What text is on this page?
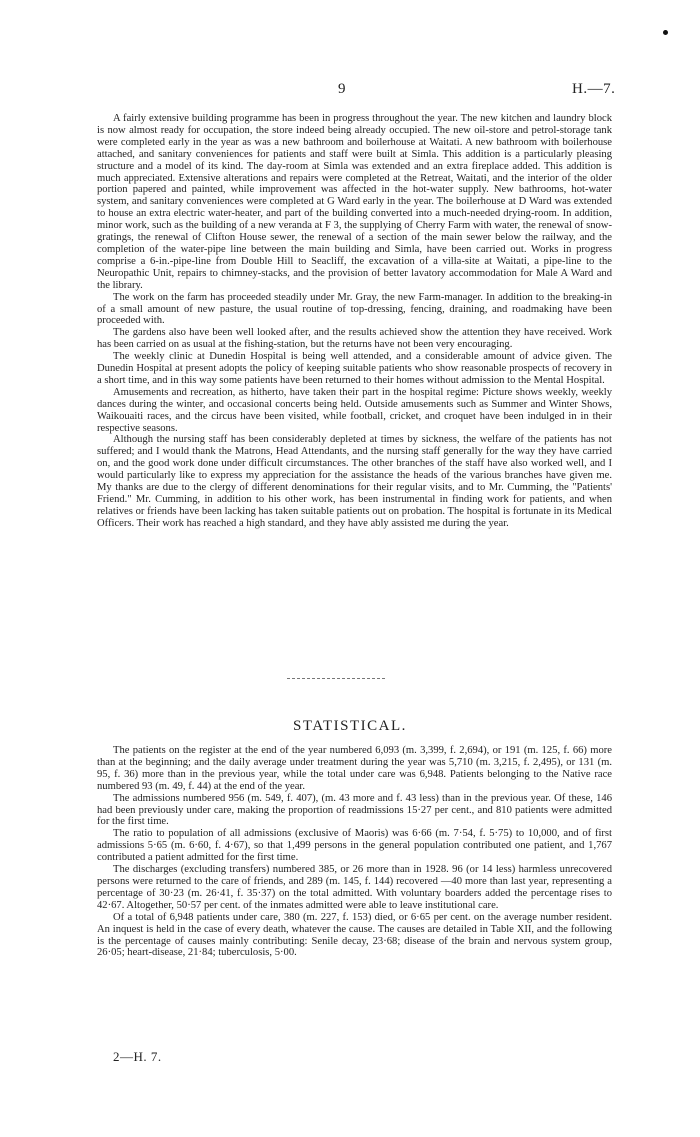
9	H.—7.

A fairly extensive building programme has been in progress throughout the year. The new kitchen and laundry block is now almost ready for occupation, the store indeed being already occupied. The new oil-store and petrol-storage tank were completed early in the year as was a new bathroom and boilerhouse at Waitati. A new bathroom with boilerhouse attached, and sanitary conveniences for patients and staff were built at Simla. This addition is a particularly pleasing structure and a model of its kind. The day-room at Simla was extended and an extra fireplace added. This addition is much appreciated. Extensive alterations and repairs were completed at the Retreat, Waitati, and the interior of the older portion papered and painted, while improvement was affected in the hot-water supply. New bathrooms, hot-water system, and sanitary conveniences were completed at G Ward early in the year. The boilerhouse at D Ward was extended to house an extra electric water-heater, and part of the building converted into a much-needed drying-room. In addition, minor work, such as the building of a new veranda at F 3, the supplying of Cherry Farm with water, the renewal of snow-gratings, the renewal of Clifton House sewer, the renewal of a section of the main sewer below the railway, and the completion of the water-pipe line between the main building and Simla, have been carried out. Works in progress comprise a 6-in.-pipe-line from Double Hill to Seacliff, the excavation of a villa-site at Waitati, a pipe-line to the Neuropathic Unit, repairs to chimney-stacks, and the provision of better lavatory accommodation for Male A Ward and the library.

The work on the farm has proceeded steadily under Mr. Gray, the new Farm-manager. In addition to the breaking-in of a small amount of new pasture, the usual routine of top-dressing, fencing, draining, and roadmaking have been proceeded with.

The gardens also have been well looked after, and the results achieved show the attention they have received. Work has been carried on as usual at the fishing-station, but the returns have not been very encouraging.

The weekly clinic at Dunedin Hospital is being well attended, and a considerable amount of advice given. The Dunedin Hospital at present adopts the policy of keeping suitable patients who show reasonable prospects of recovery in a short time, and in this way some patients have been returned to their homes without admission to the Mental Hospital.

Amusements and recreation, as hitherto, have taken their part in the hospital regime: Picture shows weekly, weekly dances during the winter, and occasional concerts being held. Outside amusements such as Summer and Winter Shows, Waikouaiti races, and the circus have been visited, while football, cricket, and croquet have been indulged in in their respective seasons.

Although the nursing staff has been considerably depleted at times by sickness, the welfare of the patients has not suffered; and I would thank the Matrons, Head Attendants, and the nursing staff generally for the way they have carried on, and the good work done under difficult circumstances. The other branches of the staff have also worked well, and I would particularly like to express my appreciation for the assistance the heads of the various branches have given me. My thanks are due to the clergy of different denominations for their regular visits, and to Mr. Cumming, the "Patients' Friend." Mr. Cumming, in addition to his other work, has been instrumental in finding work for patients, and when relatives or friends have been lacking has taken suitable patients out on probation. The hospital is fortunate in its Medical Officers. Their work has reached a high standard, and they have ably assisted me during the year.

STATISTICAL.

The patients on the register at the end of the year numbered 6,093 (m. 3,399, f. 2,694), or 191 (m. 125, f. 66) more than at the beginning; and the daily average under treatment during the year was 5,710 (m. 3,215, f. 2,495), or 131 (m. 95, f. 36) more than in the previous year, while the total under care was 6,948. Patients belonging to the Native race numbered 93 (m. 49, f. 44) at the end of the year.

The admissions numbered 956 (m. 549, f. 407), (m. 43 more and f. 43 less) than in the previous year. Of these, 146 had been previously under care, making the proportion of readmissions 15·27 per cent., and 810 patients were admitted for the first time.

The ratio to population of all admissions (exclusive of Maoris) was 6·66 (m. 7·54, f. 5·75) to 10,000, and of first admissions 5·65 (m. 6·60, f. 4·67), so that 1,499 persons in the general population contributed one patient, and 1,767 contributed a patient admitted for the first time.

The discharges (excluding transfers) numbered 385, or 26 more than in 1928. 96 (or 14 less) harmless unrecovered persons were returned to the care of friends, and 289 (m. 145, f. 144) recovered —40 more than last year, representing a percentage of 30·23 (m. 26·41, f. 35·37) on the total admitted. With voluntary boarders added the percentage rises to 42·67. Altogether, 50·57 per cent. of the inmates admitted were able to leave institutional care.

Of a total of 6,948 patients under care, 380 (m. 227, f. 153) died, or 6·65 per cent. on the average number resident. An inquest is held in the case of every death, whatever the cause. The causes are detailed in Table XII, and the following is the percentage of causes mainly contributing: Senile decay, 23·68; disease of the brain and nervous system group, 26·05; heart-disease, 21·84; tuberculosis, 5·00.

2—H. 7.
